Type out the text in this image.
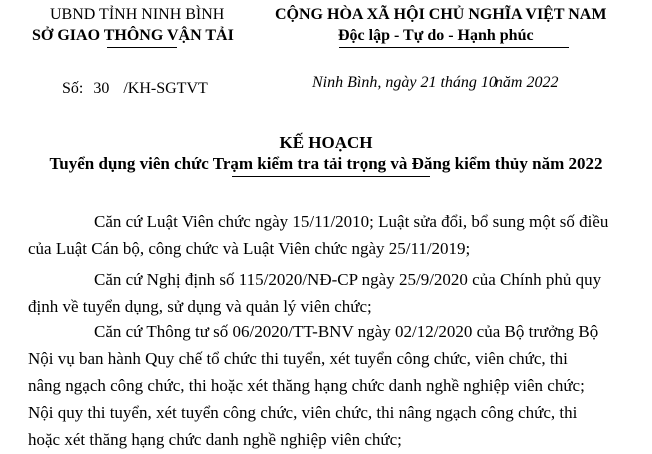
UBND TỈNH NINH BÌNH
SỞ GIAO THÔNG VẬN TẢI
Số: 30 /KH-SGTVT
CỘNG HÒA XÃ HỘI CHỦ NGHĨA VIỆT NAM
Độc lập - Tự do - Hạnh phúc
Ninh Bình, ngày 21 tháng 10năm 2022
KẾ HOẠCH
Tuyển dụng viên chức Trạm kiểm tra tải trọng và Đăng kiểm thủy năm 2022
Căn cứ Luật Viên chức ngày 15/11/2010; Luật sửa đổi, bổ sung một số điều
của Luật Cán bộ, công chức và Luật Viên chức ngày 25/11/2019;
Căn cứ Nghị định số 115/2020/NĐ-CP ngày 25/9/2020 của Chính phủ quy
định về tuyển dụng, sử dụng và quản lý viên chức;
Căn cứ Thông tư số 06/2020/TT-BNV ngày 02/12/2020 của Bộ trưởng Bộ
Nội vụ ban hành Quy chế tổ chức thi tuyển, xét tuyển công chức, viên chức, thi
nâng ngạch công chức, thi hoặc xét thăng hạng chức danh nghề nghiệp viên chức;
Nội quy thi tuyển, xét tuyển công chức, viên chức, thi nâng ngạch công chức, thi
hoặc xét thăng hạng chức danh nghề nghiệp viên chức;
